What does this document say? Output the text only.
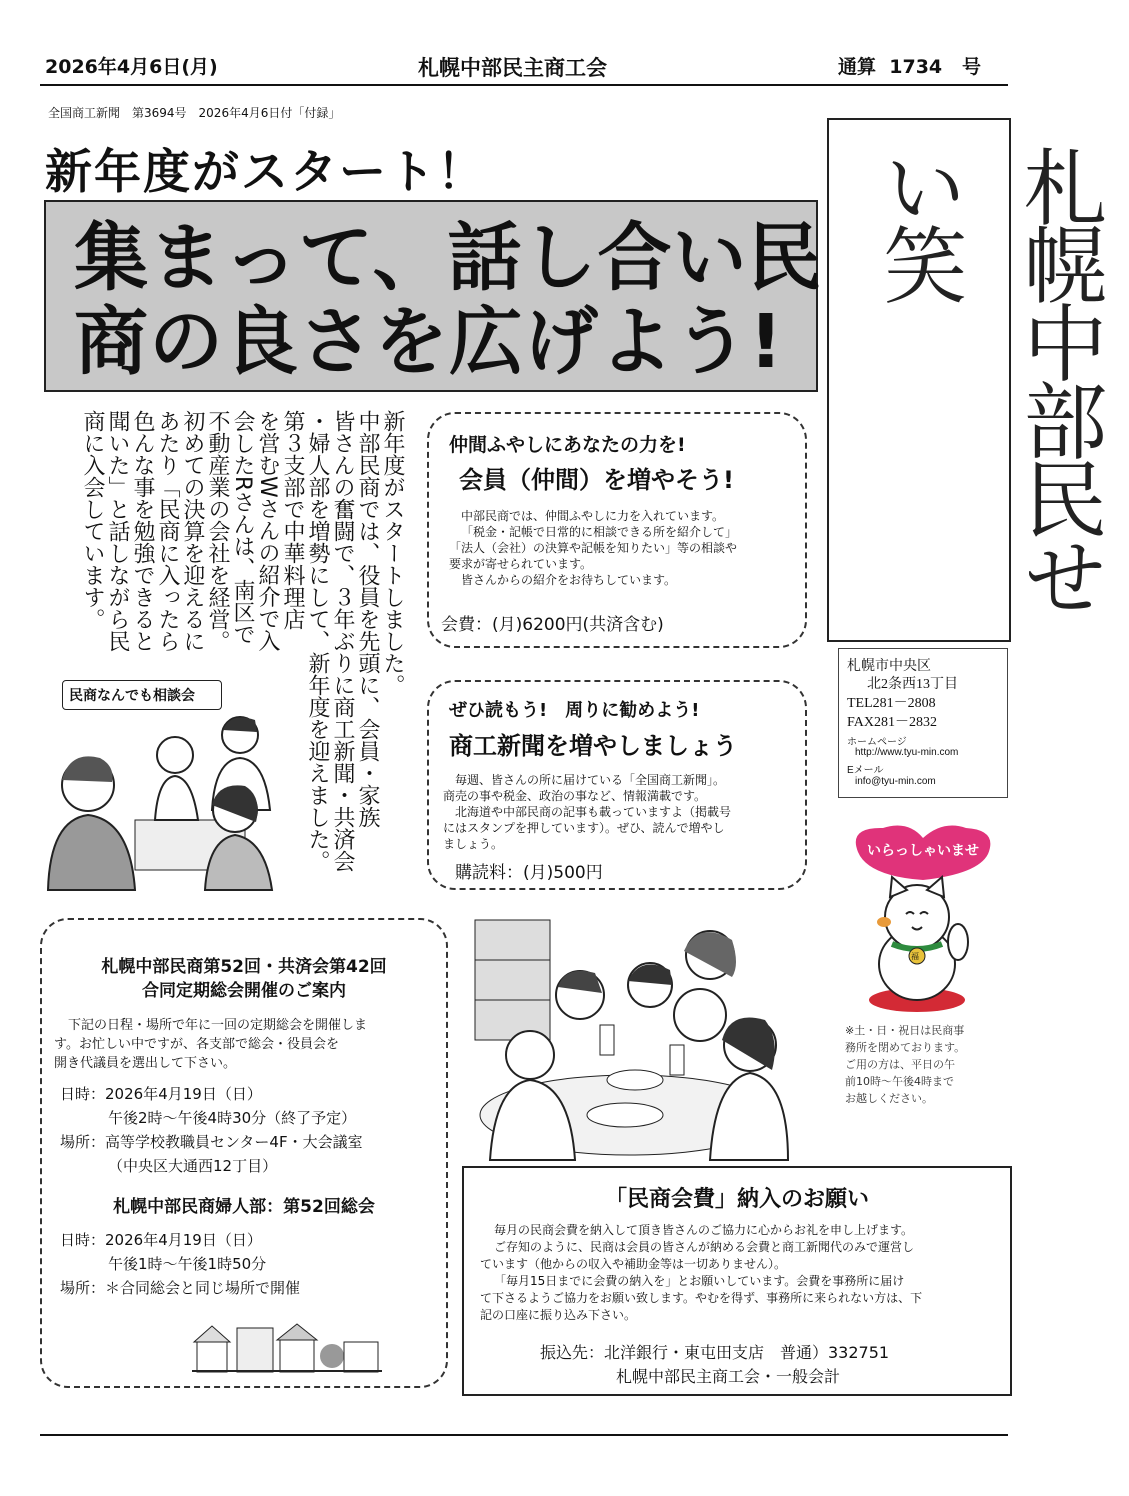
2026年4月6日(月)	札幌中部民主商工会	通算 1734 号
全国商工新聞　第3694号　2026年4月6日付「付録」
新年度がスタート！
集まって、話し合い民
商の良さを広げよう!	札幌中部民せい笑
札幌市中央区
北2条西13丁目
TEL281－2808
FAX281－2832
ホームページ
http://www.tyu-min.com
Eメール
info@tyu-min.com
いらっしゃいませ
福
※土・日・祝日は民商事
務所を閉めております。
ご用の方は、平日の午
前10時～午後4時まで
お越しください。
新年度がスタートしました。
中部民商では、役員を先頭に、会員・家族
皆さんの奮闘で、３年ぶりに商工新聞・共済会
・婦人部を増勢にして、新年度を迎えました。
第３支部で中華料理店
を営むWさんの紹介で入
会したRさんは、南区で
不動産業の会社を経営。
初めての決算を迎えるに
あたり「民商に入ったら
色んな事を勉強できると
聞いた」と話しながら民
商に入会しています。
民商なんでも相談会
仲間ふやしにあなたの力を!
会員（仲間）を増やそう!
中部民商では、仲間ふやしに力を入れています。
「税金・記帳で日常的に相談できる所を紹介して」
「法人（会社）の決算や記帳を知りたい」等の相談や
要求が寄せられています。
皆さんからの紹介をお待ちしています。
会費：(月)6200円(共済含む)
ぜひ読もう!　周りに勧めよう!
商工新聞を増やしましょう
毎週、皆さんの所に届けている「全国商工新聞」。
商売の事や税金、政治の事など、情報満載です。
北海道や中部民商の記事も載っていますよ（掲載号
にはスタンプを押しています）。ぜひ、読んで増やし
ましょう。
購読料：(月)500円
札幌中部民商第52回・共済会第42回
合同定期総会開催のご案内
下記の日程・場所で年に一回の定期総会を開催しま
す。お忙しい中ですが、各支部で総会・役員会を
開き代議員を選出して下さい。
日時：2026年4月19日（日）
午後2時～午後4時30分（終了予定）
場所：高等学校教職員センター4F・大会議室
（中央区大通西12丁目）
札幌中部民商婦人部：第52回総会
日時：2026年4月19日（日）
午後1時～午後1時50分
場所：＊合同総会と同じ場所で開催
「民商会費」納入のお願い
毎月の民商会費を納入して頂き皆さんのご協力に心からお礼を申し上げます。
ご存知のように、民商は会員の皆さんが納める会費と商工新聞代のみで運営し
ています（他からの収入や補助金等は一切ありません）。
「毎月15日までに会費の納入を」とお願いしています。会費を事務所に届け
て下さるようご協力をお願い致します。やむを得ず、事務所に来られない方は、下
記の口座に振り込み下さい。
振込先：北洋銀行・東屯田支店　普通）332751
札幌中部民主商工会・一般会計
